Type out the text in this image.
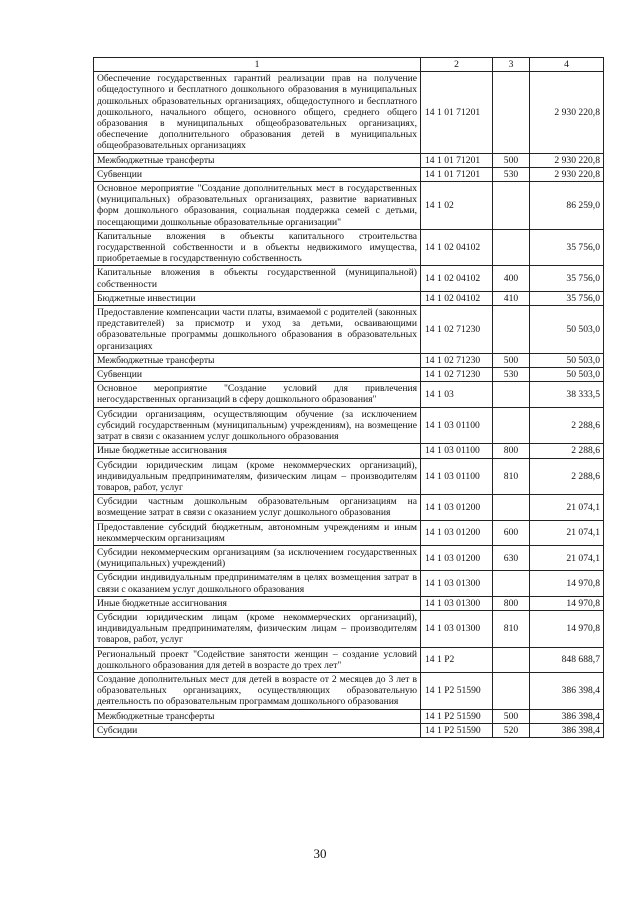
1	2	3	4
Обеспечение государственных гарантий реализации прав на получение общедоступного и бесплатного дошкольного образования в муниципальных дошкольных образовательных организациях, общедоступного и бесплатного дошкольного, начального общего, основного общего, среднего общего образования в муниципальных общеобразовательных организациях, обеспечение дополнительного образования детей в муниципальных общеобразовательных организациях	14 1 01 71201		2 930 220,8
Межбюджетные трансферты	14 1 01 71201	500	2 930 220,8
Субвенции	14 1 01 71201	530	2 930 220,8
Основное мероприятие "Создание дополнительных мест в государственных (муниципальных) образовательных организациях, развитие вариативных форм дошкольного образования, социальная поддержка семей с детьми, посещающими дошкольные образовательные организации"	14 1 02		86 259,0
Капитальные вложения в объекты капитального строительства государственной собственности и в объекты недвижимого имущества, приобретаемые в государственную собственность	14 1 02 04102		35 756,0
Капитальные вложения в объекты государственной (муниципальной) собственности	14 1 02 04102	400	35 756,0
Бюджетные инвестиции	14 1 02 04102	410	35 756,0
Предоставление компенсации части платы, взимаемой с родителей (законных представителей) за присмотр и уход за детьми, осваивающими образовательные программы дошкольного образования в образовательных организациях	14 1 02 71230		50 503,0
Межбюджетные трансферты	14 1 02 71230	500	50 503,0
Субвенции	14 1 02 71230	530	50 503,0
Основное мероприятие "Создание условий для привлечения негосударственных организаций в сферу дошкольного образования"	14 1 03		38 333,5
Субсидии организациям, осуществляющим обучение (за исключением субсидий государственным (муниципальным) учреждениям), на возмещение затрат в связи с оказанием услуг дошкольного образования	14 1 03 01100		2 288,6
Иные бюджетные ассигнования	14 1 03 01100	800	2 288,6
Субсидии юридическим лицам (кроме некоммерческих организаций), индивидуальным предпринимателям, физическим лицам – производителям товаров, работ, услуг	14 1 03 01100	810	2 288,6
Субсидии частным дошкольным образовательным организациям на возмещение затрат в связи с оказанием услуг дошкольного образования	14 1 03 01200		21 074,1
Предоставление субсидий бюджетным, автономным учреждениям и иным некоммерческим организациям	14 1 03 01200	600	21 074,1
Субсидии некоммерческим организациям (за исключением государственных (муниципальных) учреждений)	14 1 03 01200	630	21 074,1
Субсидии индивидуальным предпринимателям в целях возмещения затрат в связи с оказанием услуг дошкольного образования	14 1 03 01300		14 970,8
Иные бюджетные ассигнования	14 1 03 01300	800	14 970,8
Субсидии юридическим лицам (кроме некоммерческих организаций), индивидуальным предпринимателям, физическим лицам – производителям товаров, работ, услуг	14 1 03 01300	810	14 970,8
Региональный проект "Содействие занятости женщин – создание условий дошкольного образования для детей в возрасте до трех лет"	14 1 P2		848 688,7
Создание дополнительных мест для детей в возрасте от 2 месяцев до 3 лет в образовательных организациях, осуществляющих образовательную деятельность по образовательным программам дошкольного образования	14 1 P2 51590		386 398,4
Межбюджетные трансферты	14 1 P2 51590	500	386 398,4
Субсидии	14 1 P2 51590	520	386 398,4
30
